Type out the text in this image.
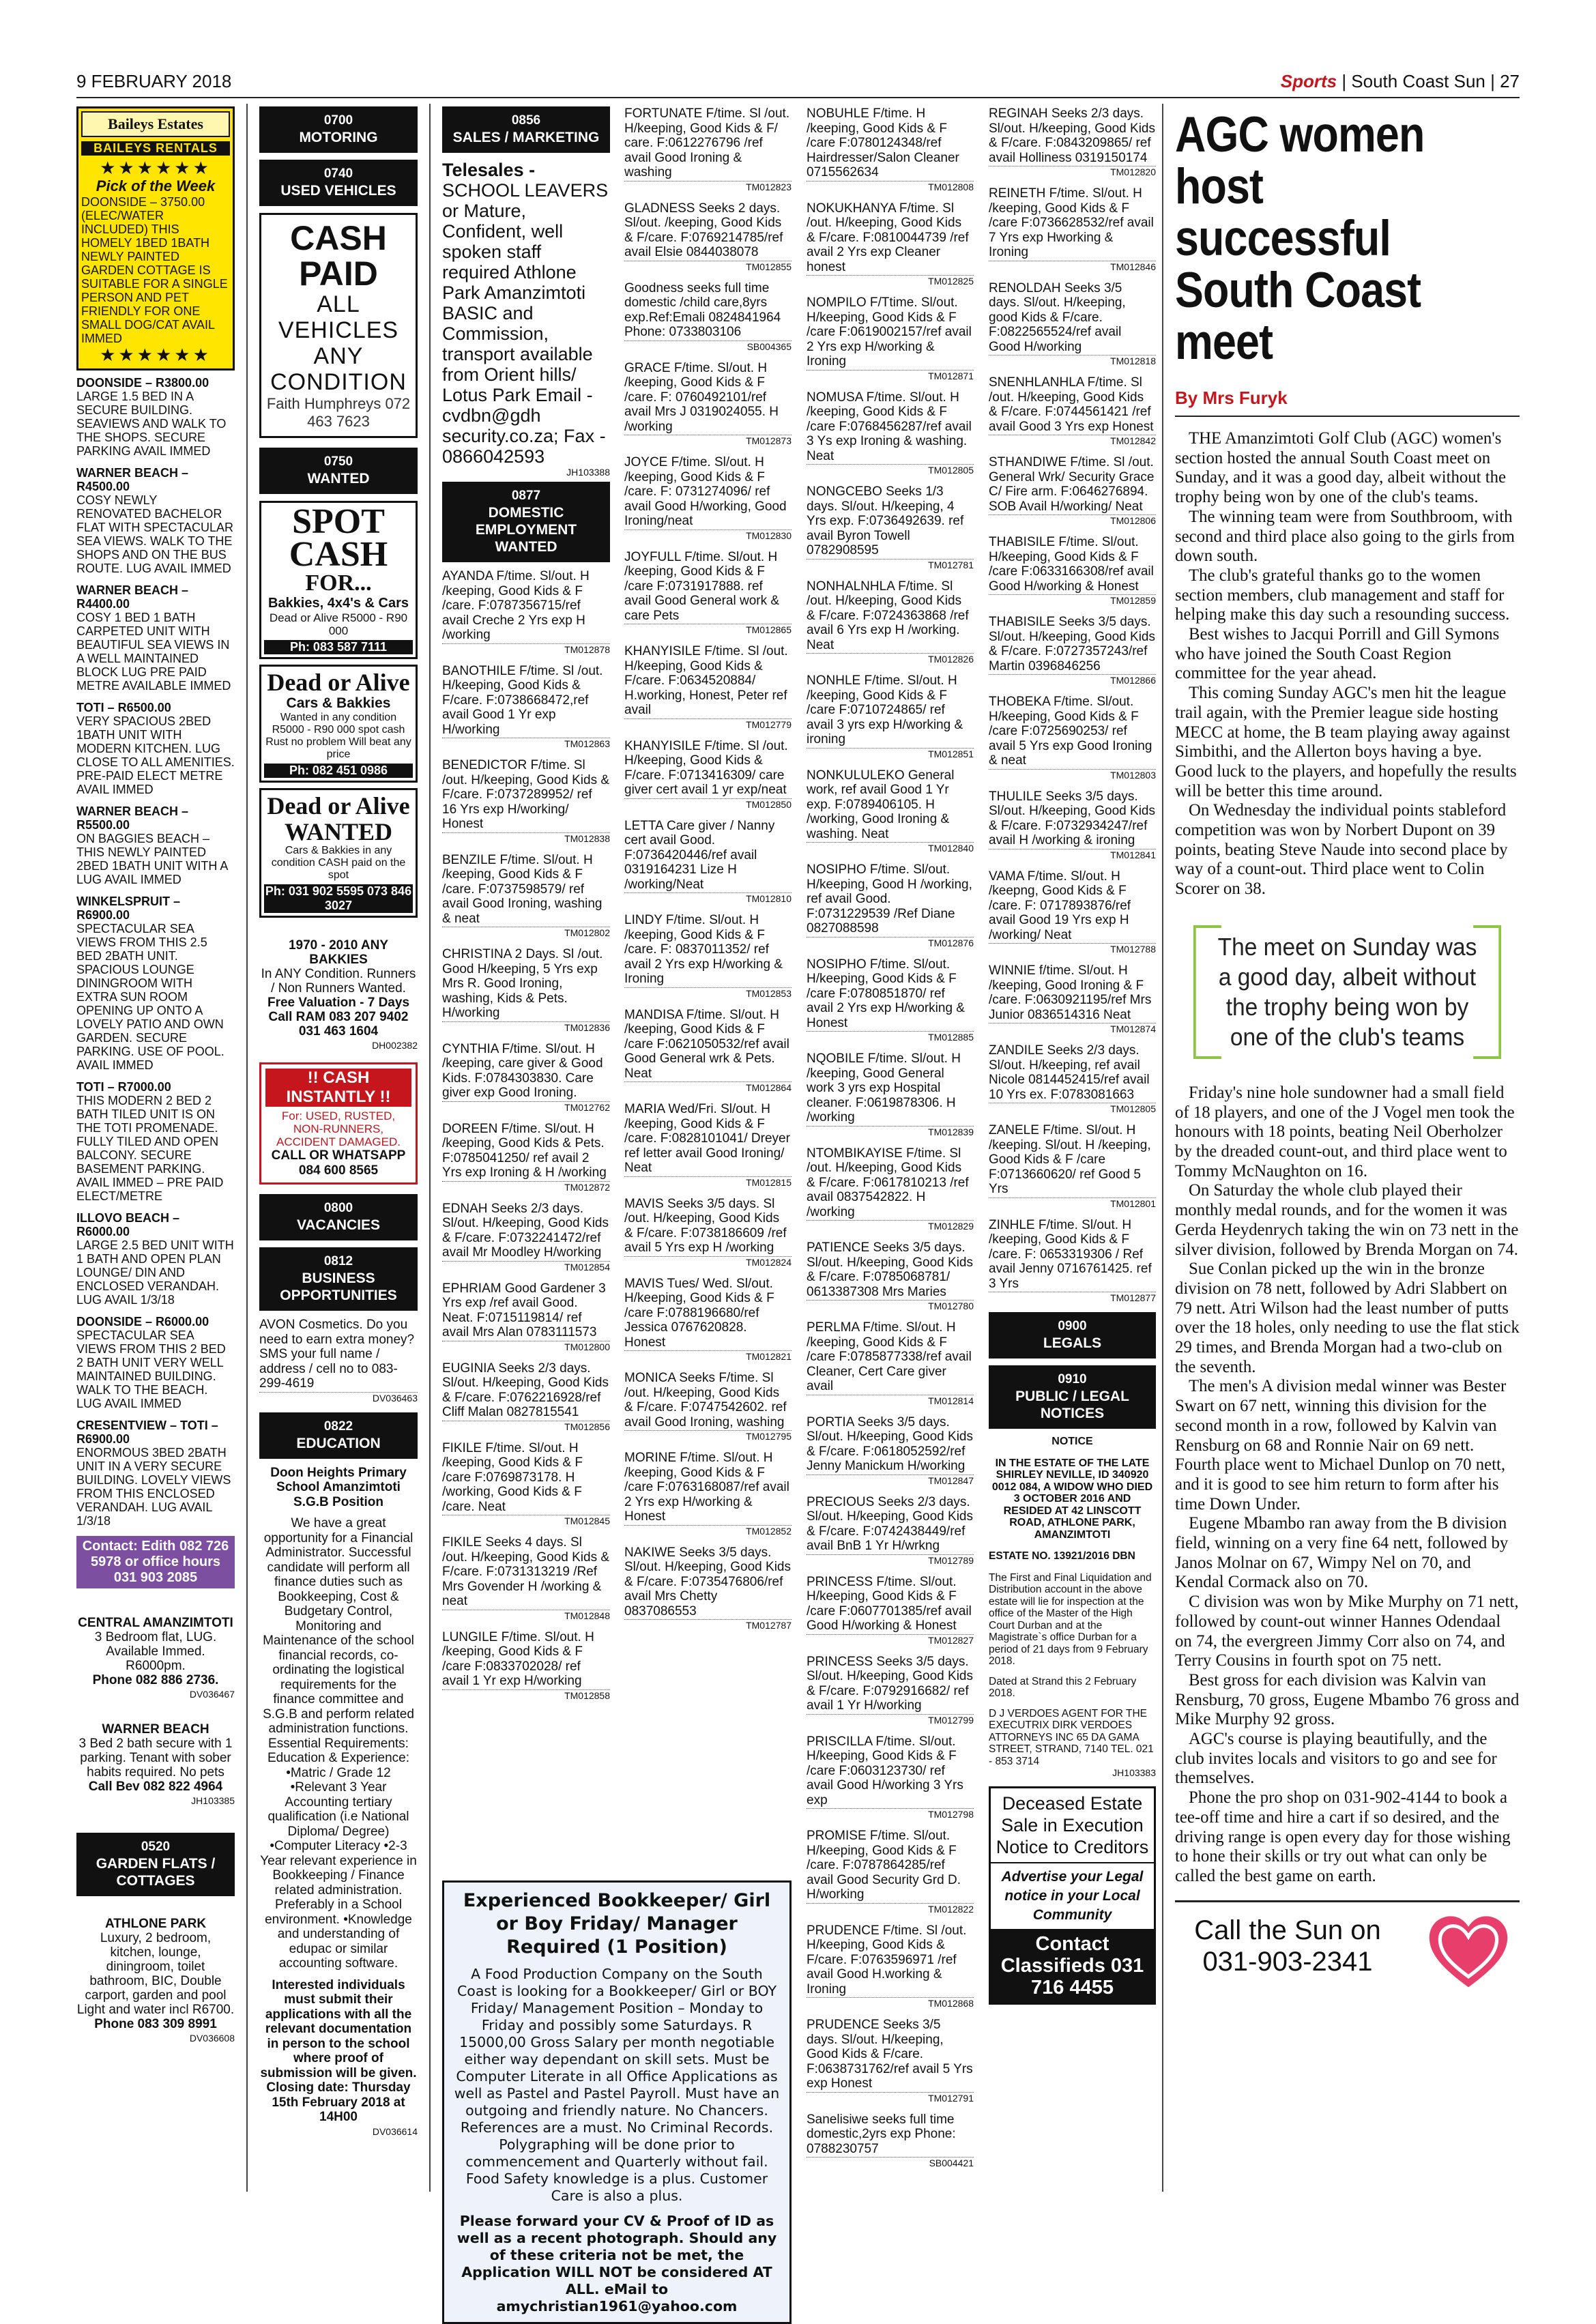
9 FEBRUARY 2018	Sports | South Coast Sun | 27
Baileys Estates
BAILEYS RENTALS
★★★★★★
Pick of the Week
DOONSIDE – 3750.00 (ELEC/WATER INCLUDED) THIS HOMELY 1BED 1BATH NEWLY PAINTED GARDEN COTTAGE IS SUITABLE FOR A SINGLE PERSON AND PET FRIENDLY FOR ONE SMALL DOG/CAT AVAIL IMMED
★★★★★★
DOONSIDE – R3800.00
LARGE 1.5 BED IN A SECURE BUILDING. SEAVIEWS AND WALK TO THE SHOPS. SECURE PARKING AVAIL IMMED
WARNER BEACH – R4500.00
COSY NEWLY RENOVATED BACHELOR FLAT WITH SPECTACULAR SEA VIEWS. WALK TO THE SHOPS AND ON THE BUS ROUTE. LUG AVAIL IMMED
WARNER BEACH – R4400.00
COSY 1 BED 1 BATH CARPETED UNIT WITH BEAUTIFUL SEA VIEWS IN A WELL MAINTAINED BLOCK LUG PRE PAID METRE AVAILABLE IMMED
TOTI – R6500.00
VERY SPACIOUS 2BED 1BATH UNIT WITH MODERN KITCHEN. LUG CLOSE TO ALL AMENITIES. PRE-PAID ELECT METRE AVAIL IMMED
WARNER BEACH – R5500.00
ON BAGGIES BEACH – THIS NEWLY PAINTED 2BED 1BATH UNIT WITH A LUG AVAIL IMMED
WINKELSPRUIT – R6900.00
SPECTACULAR SEA VIEWS FROM THIS 2.5 BED 2BATH UNIT. SPACIOUS LOUNGE DININGROOM WITH EXTRA SUN ROOM OPENING UP ONTO A LOVELY PATIO AND OWN GARDEN. SECURE PARKING. USE OF POOL. AVAIL IMMED
TOTI – R7000.00
THIS MODERN 2 BED 2 BATH TILED UNIT IS ON THE TOTI PROMENADE. FULLY TILED AND OPEN BALCONY. SECURE BASEMENT PARKING. AVAIL IMMED – PRE PAID ELECT/METRE
ILLOVO BEACH – R6000.00
LARGE 2.5 BED UNIT WITH 1 BATH AND OPEN PLAN LOUNGE/ DIN AND ENCLOSED VERANDAH. LUG AVAIL 1/3/18
DOONSIDE – R6000.00
SPECTACULAR SEA VIEWS FROM THIS 2 BED 2 BATH UNIT VERY WELL MAINTAINED BUILDING. WALK TO THE BEACH. LUG AVAIL IMMED
CRESENTVIEW – TOTI – R6900.00
ENORMOUS 3BED 2BATH UNIT IN A VERY SECURE BUILDING. LOVELY VIEWS FROM THIS ENCLOSED VERANDAH. LUG AVAIL 1/3/18
Contact: Edith 082 726 5978 or office hours 031 903 2085
CENTRAL AMANZIMTOTI
3 Bedroom flat, LUG. Available Immed. R6000pm.
Phone 082 886 2736.
DV036467
WARNER BEACH
3 Bed 2 bath secure with 1 parking. Tenant with sober habits required. No pets
Call Bev 082 822 4964
JH103385
0520
GARDEN FLATS / COTTAGES
ATHLONE PARK
Luxury, 2 bedroom, kitchen, lounge, diningroom, toilet bathroom, BIC, Double carport, garden and pool Light and water incl R6700.
Phone 083 309 8991
DV036608
0700
MOTORING
0740
USED VEHICLES
CASH PAID
ALL VEHICLES ANY CONDITION
Faith Humphreys 072 463 7623
0750
WANTED
SPOT CASH
FOR...
Bakkies, 4x4's & Cars
Dead or Alive R5000 - R90 000
Ph: 083 587 7111
Dead or Alive
Cars & Bakkies
Wanted in any condition R5000 - R90 000 spot cash Rust no problem Will beat any price
Ph: 082 451 0986
Dead or Alive WANTED
Cars & Bakkies in any condition CASH paid on the spot
Ph: 031 902 5595 073 846 3027
1970 - 2010 ANY BAKKIES
In ANY Condition. Runners / Non Runners Wanted.
Free Valuation - 7 Days
Call RAM 083 207 9402 031 463 1604
DH002382
!! CASH INSTANTLY !!
For: USED, RUSTED, NON-RUNNERS, ACCIDENT DAMAGED.
CALL OR WHATSAPP 084 600 8565
0800
VACANCIES
0812
BUSINESS OPPORTUNITIES
AVON Cosmetics. Do you need to earn extra money? SMS your full name / address / cell no to 083-299-4619
DV036463
0822
EDUCATION
Doon Heights Primary School Amanzimtoti S.G.B Position
We have a great opportunity for a Financial Administrator. Successful candidate will perform all finance duties such as Bookkeeping, Cost & Budgetary Control, Monitoring and Maintenance of the school financial records, co-ordinating the logistical requirements for the finance committee and S.G.B and perform related administration functions. Essential Requirements: Education & Experience: •Matric / Grade 12 •Relevant 3 Year Accounting tertiary qualification (i.e National Diploma/ Degree) •Computer Literacy •2-3 Year relevant experience in Bookkeeping / Finance related administration. Preferably in a School environment. •Knowledge and understanding of edupac or similar accounting software.
Interested individuals must submit their applications with all the relevant documentation in person to the school where proof of submission will be given. Closing date: Thursday 15th February 2018 at 14H00
DV036614
0856
SALES / MARKETING
Telesales -
SCHOOL LEAVERS or Mature, Confident, well spoken staff required Athlone Park Amanzimtoti BASIC and Commission, transport available from Orient hills/ Lotus Park Email - cvdbn@gdh security.co.za; Fax - 0866042593
JH103388
0877
DOMESTIC EMPLOYMENT WANTED
AYANDA F/time. Sl/out. H /keeping, Good Kids & F /care. F:0787356715/ref avail Creche 2 Yrs exp H /working
TM012878
BANOTHILE F/time. Sl /out. H/keeping, Good Kids & F/care. F:0738668472,ref avail Good 1 Yr exp H/working
TM012863
BENEDICTOR F/time. Sl /out. H/keeping, Good Kids & F/care. F:0737289952/ ref 16 Yrs exp H/working/ Honest
TM012838
BENZILE F/time. Sl/out. H /keeping, Good Kids & F /care. F:0737598579/ ref avail Good Ironing, washing & neat
TM012802
CHRISTINA 2 Days. Sl /out. Good H/keeping, 5 Yrs exp Mrs R. Good Ironing, washing, Kids & Pets. H/working
TM012836
CYNTHIA F/time. Sl/out. H /keeping, care giver & Good Kids. F:0784303830. Care giver exp Good Ironing.
TM012762
DOREEN F/time. Sl/out. H /keeping, Good Kids & Pets. F:0785041250/ ref avail 2 Yrs exp Ironing & H /working
TM012872
EDNAH Seeks 2/3 days. Sl/out. H/keeping, Good Kids & F/care. F:0732241472/ref avail Mr Moodley H/working
TM012854
EPHRIAM Good Gardener 3 Yrs exp /ref avail Good. Neat. F:0715119814/ ref avail Mrs Alan 0783111573
TM012800
EUGINIA Seeks 2/3 days. Sl/out. H/keeping, Good Kids & F/care. F:0762216928/ref Cliff Malan 0827815541
TM012856
FIKILE F/time. Sl/out. H /keeping, Good Kids & F /care F:0769873178. H /working, Good Kids & F /care. Neat
TM012845
FIKILE Seeks 4 days. Sl /out. H/keeping, Good Kids & F/care. F:0731313219 /Ref Mrs Govender H /working & neat
TM012848
LUNGILE F/time. Sl/out. H /keeping, Good Kids & F /care F:0833702028/ ref avail 1 Yr exp H/working
TM012858
Experienced Bookkeeper/ Girl or Boy Friday/ Manager Required (1 Position)
A Food Production Company on the South Coast is looking for a Bookkeeper/ Girl or BOY Friday/ Management Position – Monday to Friday and possibly some Saturdays. R 15000,00 Gross Salary per month negotiable either way dependant on skill sets. Must be Computer Literate in all Office Applications as well as Pastel and Pastel Payroll. Must have an outgoing and friendly nature. No Chancers. References are a must. No Criminal Records. Polygraphing will be done prior to commencement and Quarterly without fail. Food Safety knowledge is a plus. Customer Care is also a plus.
Please forward your CV & Proof of ID as well as a recent photograph. Should any of these criteria not be met, the Application WILL NOT be considered AT ALL. eMail to amychristian1961@yahoo.com
FORTUNATE F/time. Sl /out. H/keeping, Good Kids & F/ care. F:0612276796 /ref avail Good Ironing & washing
TM012823
GLADNESS Seeks 2 days. Sl/out. /keeping, Good Kids & F/care. F:0769214785/ref avail Elsie 0844038078
TM012855
Goodness seeks full time domestic /child care,8yrs exp.Ref:Emali 0824841964 Phone: 0733803106
SB004365
GRACE F/time. Sl/out. H /keeping, Good Kids & F /care. F: 0760492101/ref avail Mrs J 0319024055. H /working
TM012873
JOYCE F/time. Sl/out. H /keeping, Good Kids & F /care. F: 0731274096/ ref avail Good H/working, Good Ironing/neat
TM012830
JOYFULL F/time. Sl/out. H /keeping, Good Kids & F /care F:0731917888. ref avail Good General work & care Pets
TM012865
KHANYISILE F/time. Sl /out. H/keeping, Good Kids & F/care. F:0634520884/ H.working, Honest, Peter ref avail
TM012779
KHANYISILE F/time. Sl /out. H/keeping, Good Kids & F/care. F:0713416309/ care giver cert avail 1 yr exp/neat
TM012850
LETTA Care giver / Nanny cert avail Good. F:0736420446/ref avail 0319164231 Lize H /working/Neat
TM012810
LINDY F/time. Sl/out. H /keeping, Good Kids & F /care. F: 0837011352/ ref avail 2 Yrs exp H/working & Ironing
TM012853
MANDISA F/time. Sl/out. H /keeping, Good Kids & F /care F:0621050532/ref avail Good General wrk & Pets. Neat
TM012864
MARIA Wed/Fri. Sl/out. H /keeping, Good Kids & F /care. F:0828101041/ Dreyer ref letter avail Good Ironing/ Neat
TM012815
MAVIS Seeks 3/5 days. Sl /out. H/keeping, Good Kids & F/care. F:0738186609 /ref avail 5 Yrs exp H /working
TM012824
MAVIS Tues/ Wed. Sl/out. H/keeping, Good Kids & F /care F:0788196680/ref Jessica 0767620828. Honest
TM012821
MONICA Seeks F/time. Sl /out. H/keeping, Good Kids & F/care. F:0747542602. ref avail Good Ironing, washing
TM012795
MORINE F/time. Sl/out. H /keeping, Good Kids & F /care F:0763168087/ref avail 2 Yrs exp H/working & Honest
TM012852
NAKIWE Seeks 3/5 days. Sl/out. H/keeping, Good Kids & F/care. F:0735476806/ref avail Mrs Chetty 0837086553
TM012787
NOBUHLE F/time. H /keeping, Good Kids & F /care F:0780124348/ref Hairdresser/Salon Cleaner 0715562634
TM012808
NOKUKHANYA F/time. Sl /out. H/keeping, Good Kids & F/care. F:0810044739 /ref avail 2 Yrs exp Cleaner honest
TM012825
NOMPILO F/Ttime. Sl/out. H/keeping, Good Kids & F /care F:0619002157/ref avail 2 Yrs exp H/working & Ironing
TM012871
NOMUSA F/time. Sl/out. H /keeping, Good Kids & F /care F:0768456287/ref avail 3 Ys exp Ironing & washing. Neat
TM012805
NONGCEBO Seeks 1/3 days. Sl/out. H/keeping, 4 Yrs exp. F:0736492639. ref avail Byron Towell 0782908595
TM012781
NONHALNHLA F/time. Sl /out. H/keeping, Good Kids & F/care. F:0724363868 /ref avail 6 Yrs exp H /working. Neat
TM012826
NONHLE F/time. Sl/out. H /keeping, Good Kids & F /care F:0710724865/ ref avail 3 yrs exp H/working & ironing
TM012851
NONKULULEKO General work, ref avail Good 1 Yr exp. F:0789406105. H /working, Good Ironing & washing. Neat
TM012840
NOSIPHO F/time. Sl/out. H/keeping, Good H /working, ref avail Good. F:0731229539 /Ref Diane 0827088598
TM012876
NOSIPHO F/time. Sl/out. H/keeping, Good Kids & F /care F:0780851870/ ref avail 2 Yrs exp H/working & Honest
TM012885
NQOBILE F/time. Sl/out. H /keeping, Good General work 3 yrs exp Hospital cleaner. F:0619878306. H /working
TM012839
NTOMBIKAYISE F/time. Sl /out. H/keeping, Good Kids & F/care. F:0617810213 /ref avail 0837542822. H /working
TM012829
PATIENCE Seeks 3/5 days. Sl/out. H/keeping, Good Kids & F/care. F:0785068781/ 0613387308 Mrs Maries
TM012780
PERLMA F/time. Sl/out. H /keeping, Good Kids & F /care F:0785877338/ref avail Cleaner, Cert Care giver avail
TM012814
PORTIA Seeks 3/5 days. Sl/out. H/keeping, Good Kids & F/care. F:0618052592/ref Jenny Manickum H/working
TM012847
PRECIOUS Seeks 2/3 days. Sl/out. H/keeping, Good Kids & F/care. F:0742438449/ref avail BnB 1 Yr H/wrkng
TM012789
PRINCESS F/time. Sl/out. H/keeping, Good Kids & F /care F:0607701385/ref avail Good H/working & Honest
TM012827
PRINCESS Seeks 3/5 days. Sl/out. H/keeping, Good Kids & F/care. F:0792916682/ ref avail 1 Yr H/working
TM012799
PRISCILLA F/time. Sl/out. H/keeping, Good Kids & F /care F:0603123730/ ref avail Good H/working 3 Yrs exp
TM012798
PROMISE F/time. Sl/out. H/keeping, Good Kids & F /care. F:0787864285/ref avail Good Security Grd D. H/working
TM012822
PRUDENCE F/time. Sl /out. H/keeping, Good Kids & F/care. F:0763596971 /ref avail Good H.working & Ironing
TM012868
PRUDENCE Seeks 3/5 days. Sl/out. H/keeping, Good Kids & F/care. F:0638731762/ref avail 5 Yrs exp Honest
TM012791
Sanelisiwe seeks full time domestic,2yrs exp Phone: 0788230757
SB004421
REGINAH Seeks 2/3 days. Sl/out. H/keeping, Good Kids & F/care. F:0843209865/ ref avail Holliness 0319150174
TM012820
REINETH F/time. Sl/out. H /keeping, Good Kids & F /care F:0736628532/ref avail 7 Yrs exp Hworking & Ironing
TM012846
RENOLDAH Seeks 3/5 days. Sl/out. H/keeping, good Kids & F/care. F:0822565524/ref avail Good H/working
TM012818
SNENHLANHLA F/time. Sl /out. H/keeping, Good Kids & F/care. F:0744561421 /ref avail Good 3 Yrs exp Honest
TM012842
STHANDIWE F/time. Sl /out. General Wrk/ Security Grace C/ Fire arm. F:0646276894. SOB Avail H/working/ Neat
TM012806
THABISILE F/time. Sl/out. H/keeping, Good Kids & F /care F:0633166308/ref avail Good H/working & Honest
TM012859
THABISILE Seeks 3/5 days. Sl/out. H/keeping, Good Kids & F/care. F:0727357243/ref Martin 0396846256
TM012866
THOBEKA F/time. Sl/out. H/keeping, Good Kids & F /care F:0725690253/ ref avail 5 Yrs exp Good Ironing & neat
TM012803
THULILE Seeks 3/5 days. Sl/out. H/keeping, Good Kids & F/care. F:0732934247/ref avail H /working & ironing
TM012841
VAMA F/time. Sl/out. H /keepng, Good Kids & F /care. F: 0717893876/ref avail Good 19 Yrs exp H /working/ Neat
TM012788
WINNIE f/time. Sl/out. H /keeping, Good Ironing & F /care. F:0630921195/ref Mrs Junior 0836514316 Neat
TM012874
ZANDILE Seeks 2/3 days. Sl/out. H/keeping, ref avail Nicole 0814452415/ref avail 10 Yrs ex. F:0783081663
TM012805
ZANELE F/time. Sl/out. H /keeping. Sl/out. H /keeping, Good Kids & F /care F:0713660620/ ref Good 5 Yrs
TM012801
ZINHLE F/time. Sl/out. H /keeping, Good Kids & F /care. F: 0653319306 / Ref avail Jenny 0716761425. ref 3 Yrs
TM012877
0900
LEGALS
0910
PUBLIC / LEGAL NOTICES
NOTICE
IN THE ESTATE OF THE LATE SHIRLEY NEVILLE, ID 340920 0012 084, A WIDOW WHO DIED 3 OCTOBER 2016 AND RESIDED AT 42 LINSCOTT ROAD, ATHLONE PARK, AMANZIMTOTI
ESTATE NO. 13921/2016 DBN
The First and Final Liquidation and Distribution account in the above estate will lie for inspection at the office of the Master of the High Court Durban and at the Magistrate`s office Durban for a period of 21 days from 9 February 2018.
Dated at Strand this 2 February 2018.
D J VERDOES AGENT FOR THE EXECUTRIX DIRK VERDOES ATTORNEYS INC 65 DA GAMA STREET, STRAND, 7140 TEL. 021 - 853 3714
JH103383
Deceased Estate Sale in Execution Notice to Creditors
Advertise your Legal notice in your Local Community
Contact Classifieds 031 716 4455
AGC women host successful South Coast meet
By Mrs Furyk

THE Amanzimtoti Golf Club (AGC) women's section hosted the annual South Coast meet on Sunday, and it was a good day, albeit without the trophy being won by one of the club's teams.

The winning team were from Southbroom, with second and third place also going to the girls from down south.

The club's grateful thanks go to the women section members, club management and staff for helping make this day such a resounding success.

Best wishes to Jacqui Porrill and Gill Symons who have joined the South Coast Region committee for the year ahead.

This coming Sunday AGC's men hit the league trail again, with the Premier league side hosting MECC at home, the B team playing away against Simbithi, and the Allerton boys having a bye. Good luck to the players, and hopefully the results will be better this time around.

On Wednesday the individual points stableford competition was won by Norbert Dupont on 39 points, beating Steve Naude into second place by way of a count-out. Third place went to Colin Scorer on 38.

The meet on Sunday was a good day, albeit without the trophy being won by one of the club's teams

Friday's nine hole sundowner had a small field of 18 players, and one of the J Vogel men took the honours with 18 points, beating Neil Oberholzer by the dreaded count-out, and third place went to Tommy McNaughton on 16.

On Saturday the whole club played their monthly medal rounds, and for the women it was Gerda Heydenrych taking the win on 73 nett in the silver division, followed by Brenda Morgan on 74.

Sue Conlan picked up the win in the bronze division on 78 nett, followed by Adri Slabbert on 79 nett. Atri Wilson had the least number of putts over the 18 holes, only needing to use the flat stick 29 times, and Brenda Morgan had a two-club on the seventh.

The men's A division medal winner was Bester Swart on 67 nett, winning this division for the second month in a row, followed by Kalvin van Rensburg on 68 and Ronnie Nair on 69 nett. Fourth place went to Michael Dunlop on 70 nett, and it is good to see him return to form after his time Down Under.

Eugene Mbambo ran away from the B division field, winning on a very fine 64 nett, followed by Janos Molnar on 67, Wimpy Nel on 70, and Kendal Cormack also on 70.

C division was won by Mike Murphy on 71 nett, followed by count-out winner Hannes Odendaal on 74, the evergreen Jimmy Corr also on 74, and Terry Cousins in fourth spot on 75 nett.

Best gross for each division was Kalvin van Rensburg, 70 gross, Eugene Mbambo 76 gross and Mike Murphy 92 gross.

AGC's course is playing beautifully, and the club invites locals and visitors to go and see for themselves.

Phone the pro shop on 031-902-4144 to book a tee-off time and hire a cart if so desired, and the driving range is open every day for those wishing to hone their skills or try out what can only be called the best game on earth.

Call the Sun on 031-903-2341
